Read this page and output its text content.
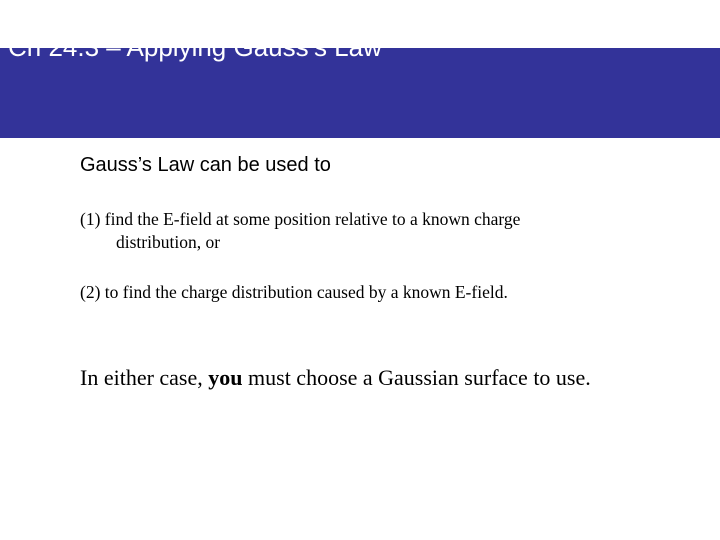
Ch 24.3 – Applying Gauss’s Law

Gauss’s Law can be used to

(1) find the E-field at some position relative to a known charge
distribution, or

(2) to find the charge distribution caused by a known E-field.

In either case, you must choose a Gaussian surface to use.
